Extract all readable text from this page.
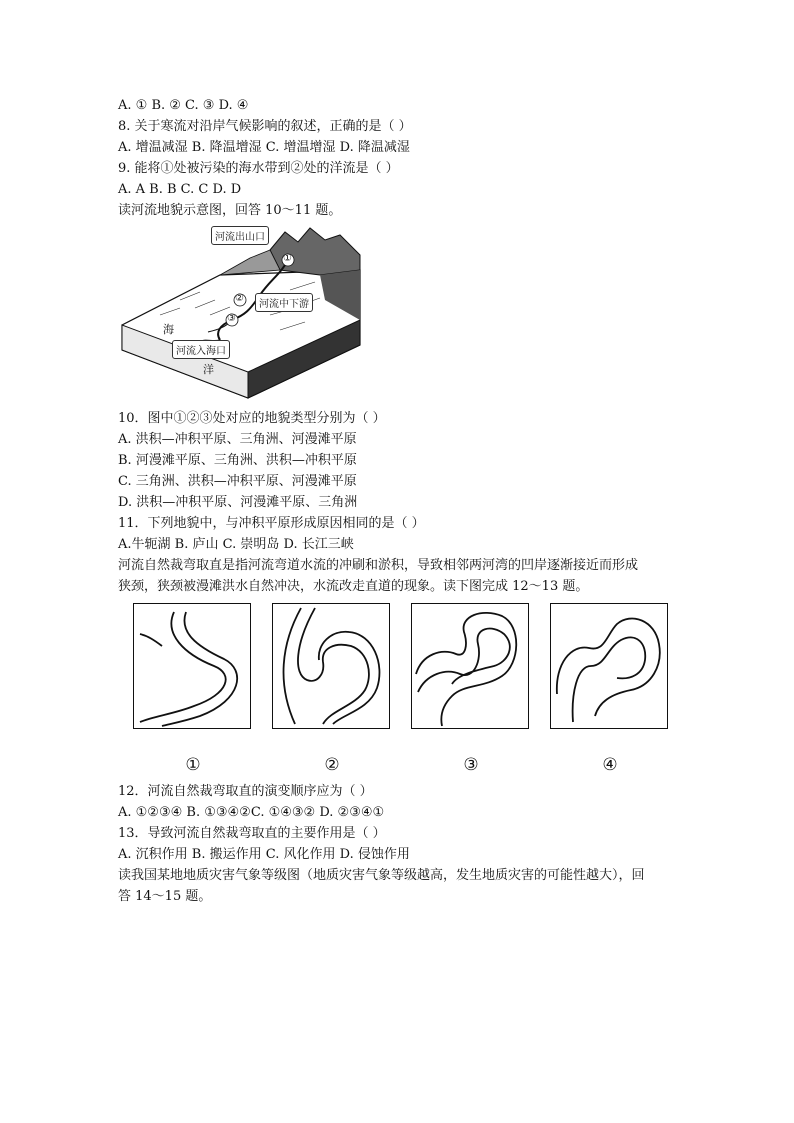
A. ① B. ② C. ③ D. ④
8. 关于寒流对沿岸气候影响的叙述，正确的是（ ）
A. 增温减湿 B. 降温增湿 C. 增温增湿 D. 降温减湿
9. 能将①处被污染的海水带到②处的洋流是（ ）
A. A B. B C. C D. D
读河流地貌示意图，回答 10～11 题。
①
②
③
河流出山口
河流中下游
河流入海口
海
洋
10．图中①②③处对应的地貌类型分别为（ ）
A. 洪积—冲积平原、三角洲、河漫滩平原
B. 河漫滩平原、三角洲、洪积—冲积平原
C. 三角洲、洪积—冲积平原、河漫滩平原
D. 洪积—冲积平原、河漫滩平原、三角洲
11．下列地貌中，与冲积平原形成原因相同的是（ ）
A.牛轭湖 B. 庐山 C. 崇明岛 D. 长江三峡
河流自然裁弯取直是指河流弯道水流的冲刷和淤积，导致相邻两河湾的凹岸逐渐接近而形成
狭颈，狭颈被漫滩洪水自然冲决，水流改走直道的现象。读下图完成 12～13 题。
①	②	③	④
12．河流自然裁弯取直的演变顺序应为（ ）
A. ①②③④ B. ①③④②C. ①④③② D. ②③④①
13．导致河流自然裁弯取直的主要作用是（ ）
A. 沉积作用 B. 搬运作用 C. 风化作用 D. 侵蚀作用
读我国某地地质灾害气象等级图（地质灾害气象等级越高，发生地质灾害的可能性越大），回
答 14～15 题。
